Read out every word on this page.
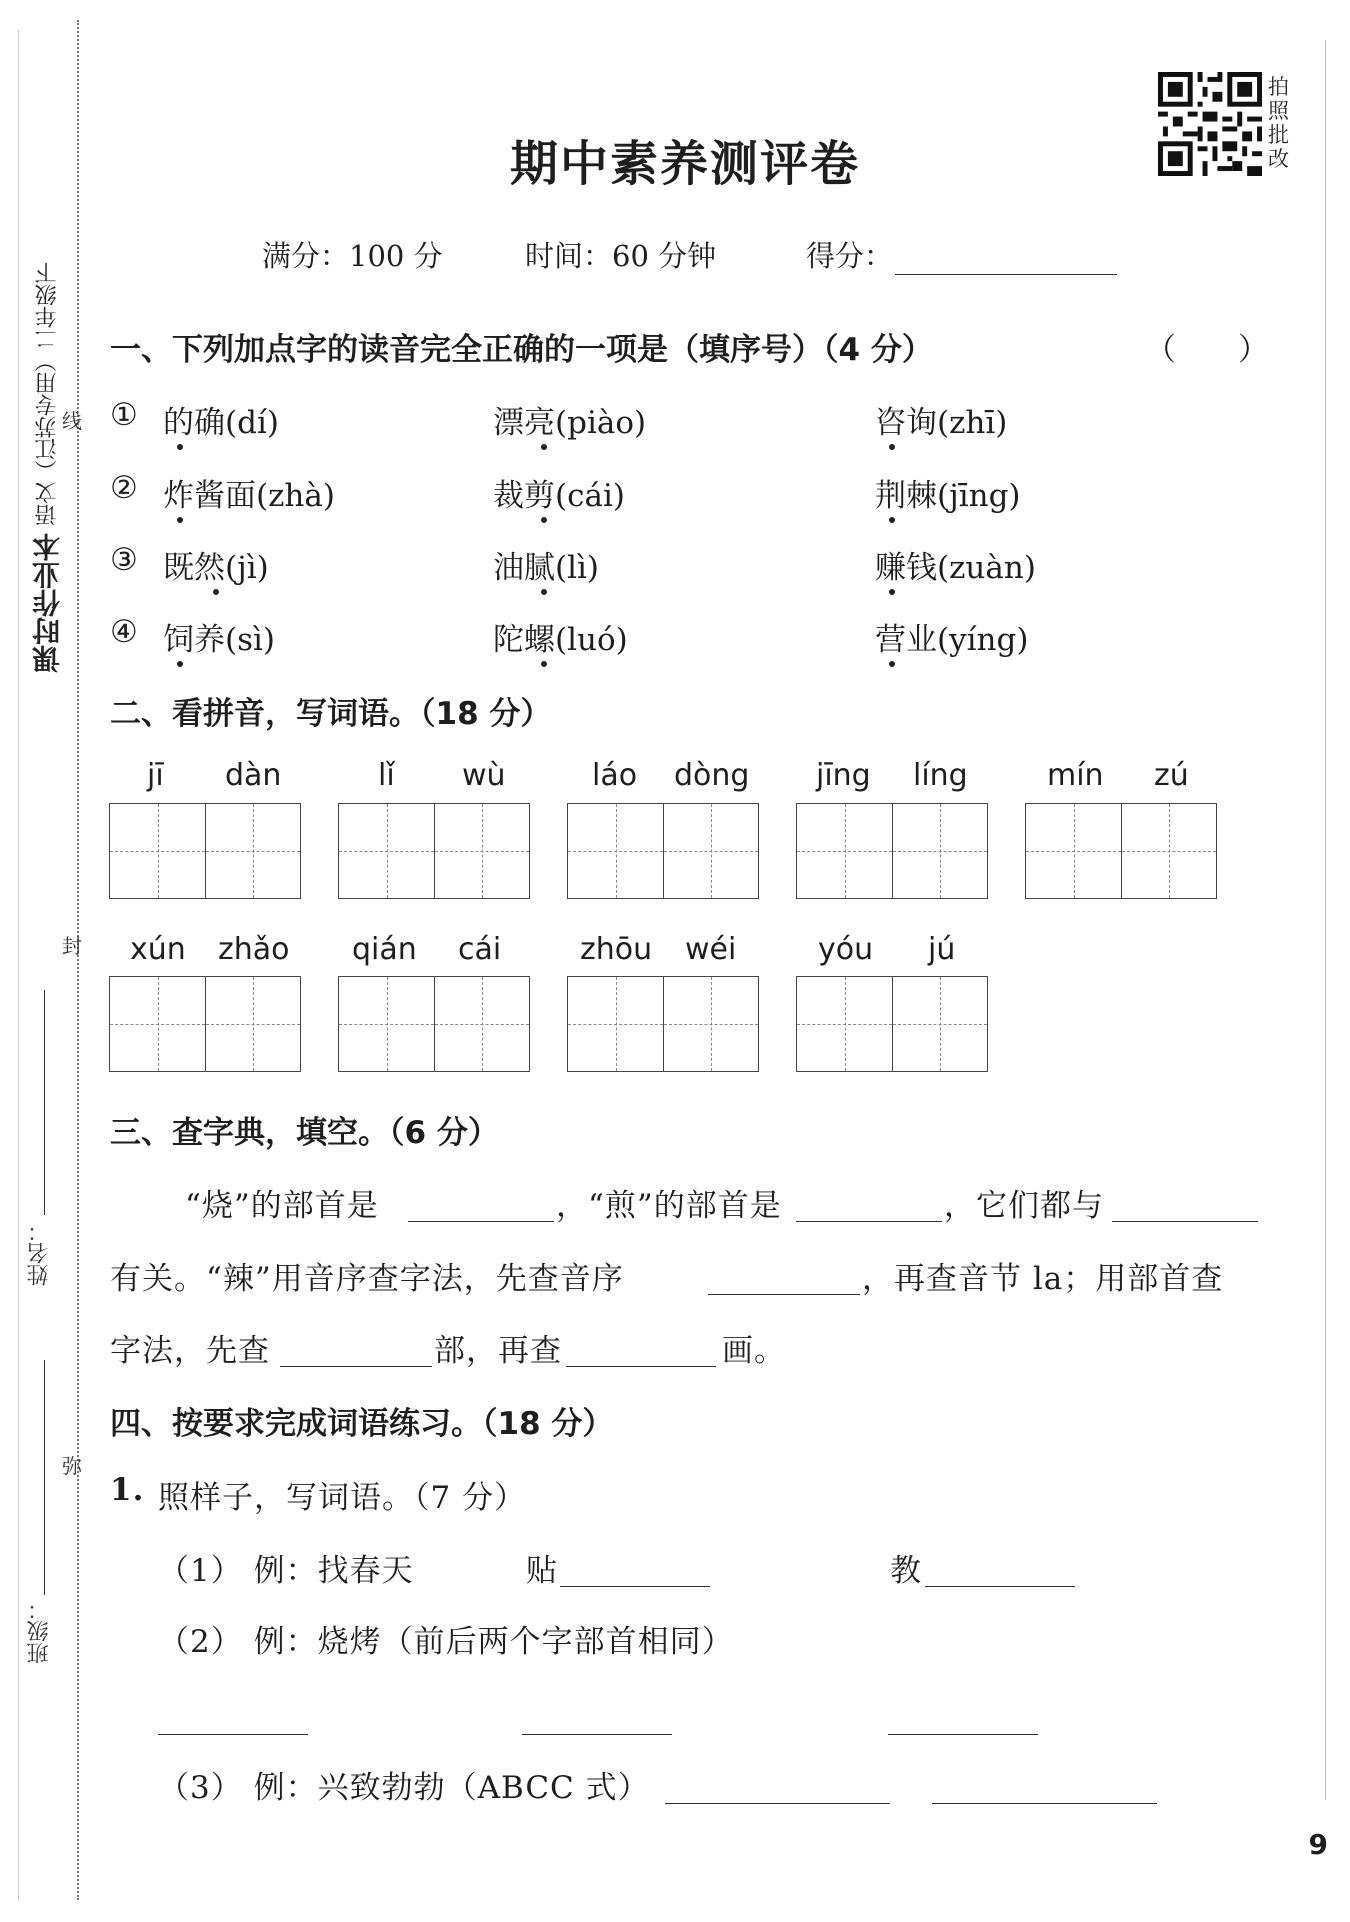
课时作业本 语文（江苏专用）二年级下 线
封
弥
姓名：
班级：
期中素养测评卷
拍
照
批
改
满分：100 分	时间：60 分钟	得分：
一、下列加点字的读音完全正确的一项是（填序号）（4 分）	（　　）
① 的确(dí)	漂亮(piào)	咨询(zhī)
② 炸酱面(zhà)	裁剪(cái)	荆棘(jīng)
③ 既然(jì)	油腻(lì)	赚钱(zuàn)
④ 饲养(sì)	陀螺(luó)	营业(yíng)
二、看拼音，写词语。（18 分）
jī dàn	lǐ wù	láo dòng jīng líng	mín zú
xún zhǎo qián cái	zhōu wéi	yóu jú
三、查字典，填空。（6 分）
“烧”的部首是	，“煎”的部首是	，它们都与
有关。“辣”用音序查字法，先查音序	，再查音节 la；用部首查
字法，先查	部，再查	画。
四、按要求完成词语练习。（18 分）
1. 照样子，写词语。（7 分）
（1） 例：找春天	贴	教
（2） 例：烧烤（前后两个字部首相同）
（3） 例：兴致勃勃（ABCC 式）
9
